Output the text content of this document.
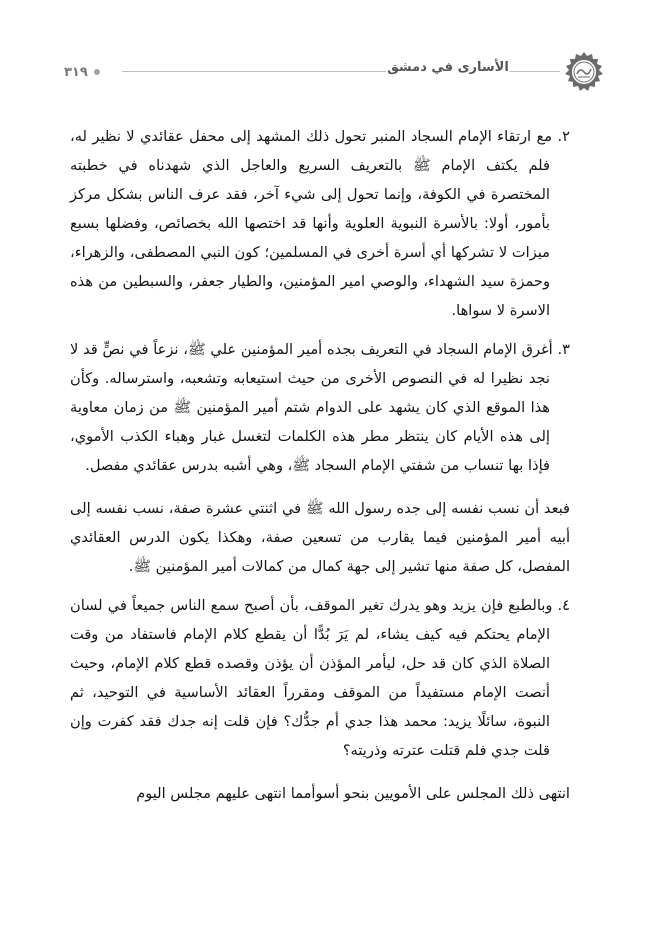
٣١٩	الأسارى في دمشق

٢. مع ارتقاء الإمام السجاد المنبر تحول ذلك المشهد إلى محفل عقائدي لا نظير له، فلم يكتف الإمام ﷺ بالتعريف السريع والعاجل الذي شهدناه في خطبته المختصرة في الكوفة، وإنما تحول إلى شيء آخر، فقد عرف الناس بشكل مركز بأمور، أولا: بالأسرة النبوية العلوية وأنها قد اختصها الله بخصائص، وفضلها بسبع ميزات لا تشركها أي أسرة أخرى في المسلمين؛ كون النبي المصطفى، والزهراء، وحمزة سيد الشهداء، والوصي امير المؤمنين، والطيار جعفر، والسبطين من هذه الاسرة لا سواها.

٣. أغرق الإمام السجاد في التعريف بجده أمير المؤمنين علي ﷺ، نزعاً في نصٍّ قد لا نجد نظيرا له في النصوص الأخرى من حيث استيعابه وتشعبه، واسترساله. وكأن هذا الموقع الذي كان يشهد على الدوام شتم أمير المؤمنين ﷺ من زمان معاوية إلى هذه الأيام كان ينتظر مطر هذه الكلمات لتغسل غبار وهباء الكذب الأموي، فإذا بها تنساب من شفتي الإمام السجاد ﷺ، وهي أشبه بدرس عقائدي مفصل.

فبعد أن نسب نفسه إلى جده رسول الله ﷺ في اثنتي عشرة صفة، نسب نفسه إلى أبيه أمير المؤمنين فيما يقارب من تسعين صفة، وهكذا يكون الدرس العقائدي المفصل، كل صفة منها تشير إلى جهة كمال من كمالات أمير المؤمنين ﷺ.

٤. وبالطبع فإن يزيد وهو يدرك تغير الموقف، بأن أصبح سمع الناس جميعاً في لسان الإمام يحتكم فيه كيف يشاء، لم يَرَ بُدًّا أن يقطع كلام الإمام فاستفاد من وقت الصلاة الذي كان قد حل، ليأمر المؤذن أن يؤذن وقصده قطع كلام الإمام، وحيث أنصت الإمام مستفيداً من الموقف ومقرراً العقائد الأساسية في التوحيد، ثم النبوة، سائلًا يزيد: محمد هذا جدي أم جدُّك؟ فإن قلت إنه جدك فقد كفرت وإن قلت جدي فلم قتلت عترته وذريته؟

انتهى ذلك المجلس على الأمويين بنحو أسوأمما انتهى عليهم مجلس اليوم
